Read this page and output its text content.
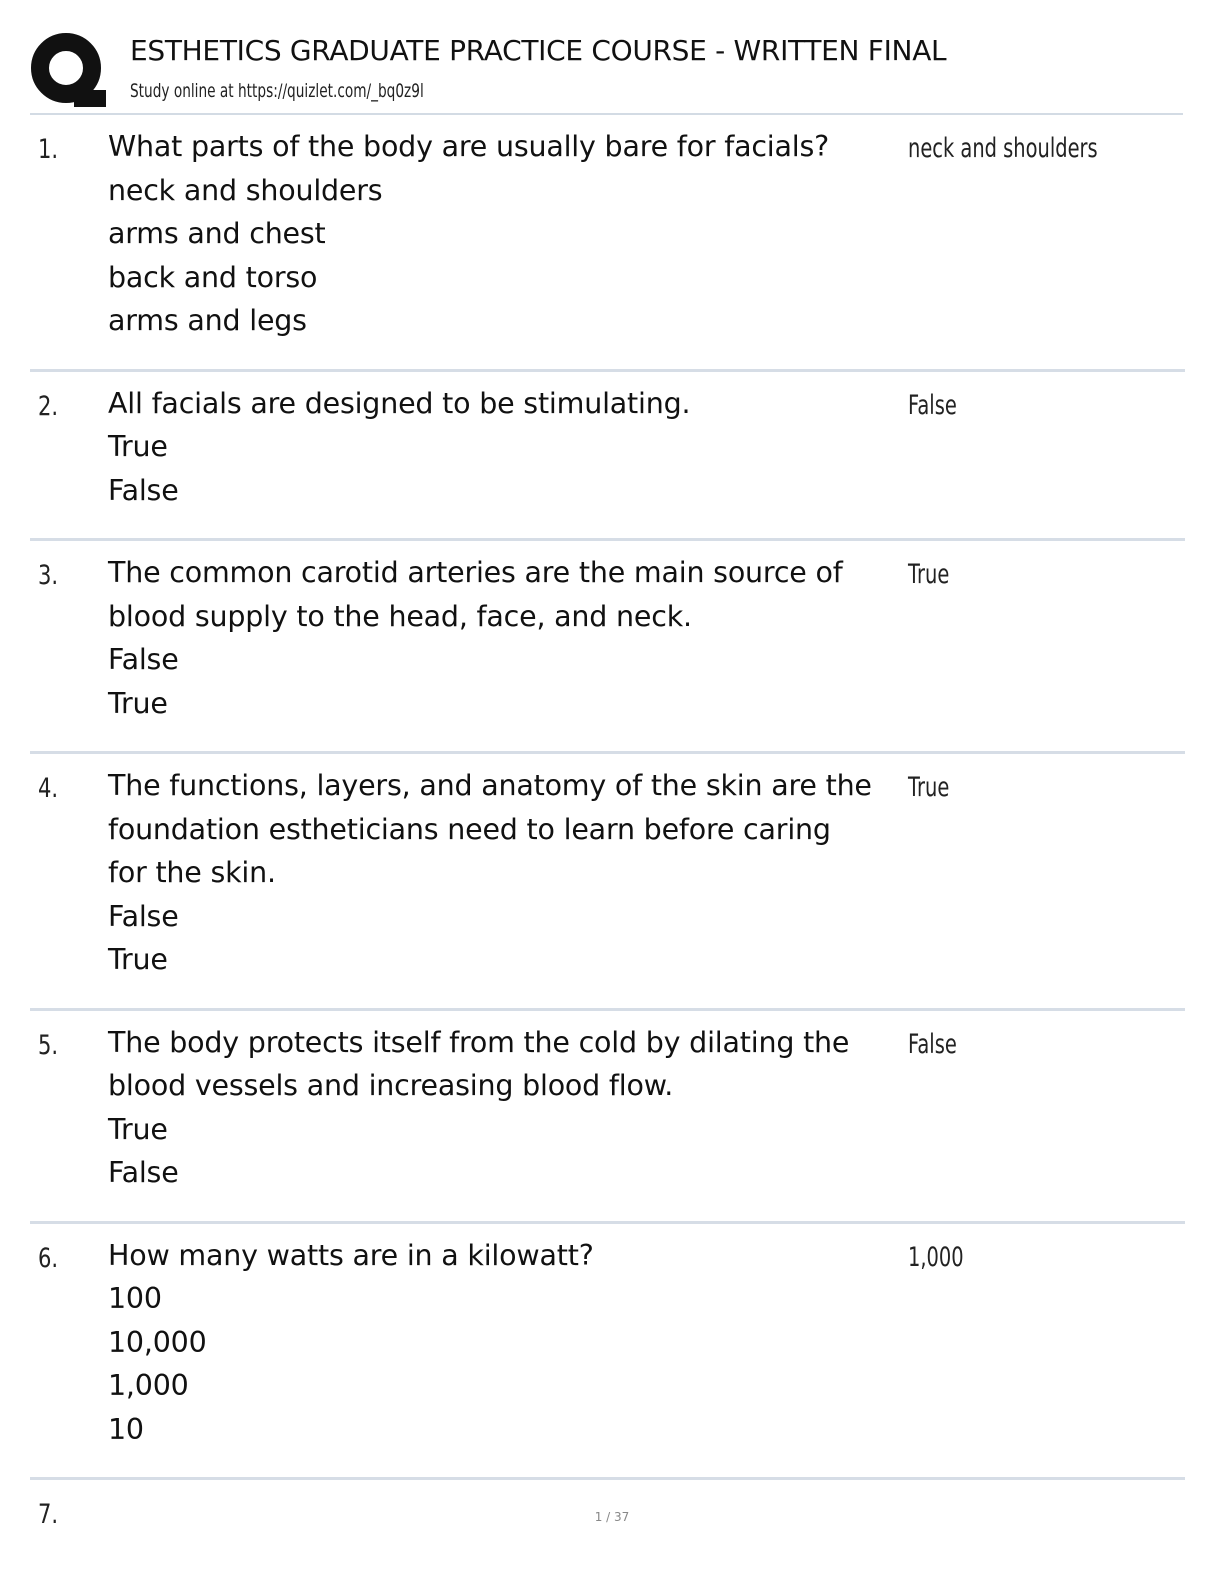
ESTHETICS GRADUATE PRACTICE COURSE - WRITTEN FINAL
Study online at https://quizlet.com/_bq0z9l
1. What parts of the body are usually bare for facials?
neck and shoulders
arms and chest
back and torso
arms and legs
neck and shoulders
2. All facials are designed to be stimulating.
True
False
False
3. The common carotid arteries are the main source of
blood supply to the head, face, and neck.
False
True
True
4. The functions, layers, and anatomy of the skin are the
foundation estheticians need to learn before caring
for the skin.
False
True
True
5. The body protects itself from the cold by dilating the
blood vessels and increasing blood flow.
True
False
False
6. How many watts are in a kilowatt?
100
10,000
1,000
10
1,000
7.	1 / 37
